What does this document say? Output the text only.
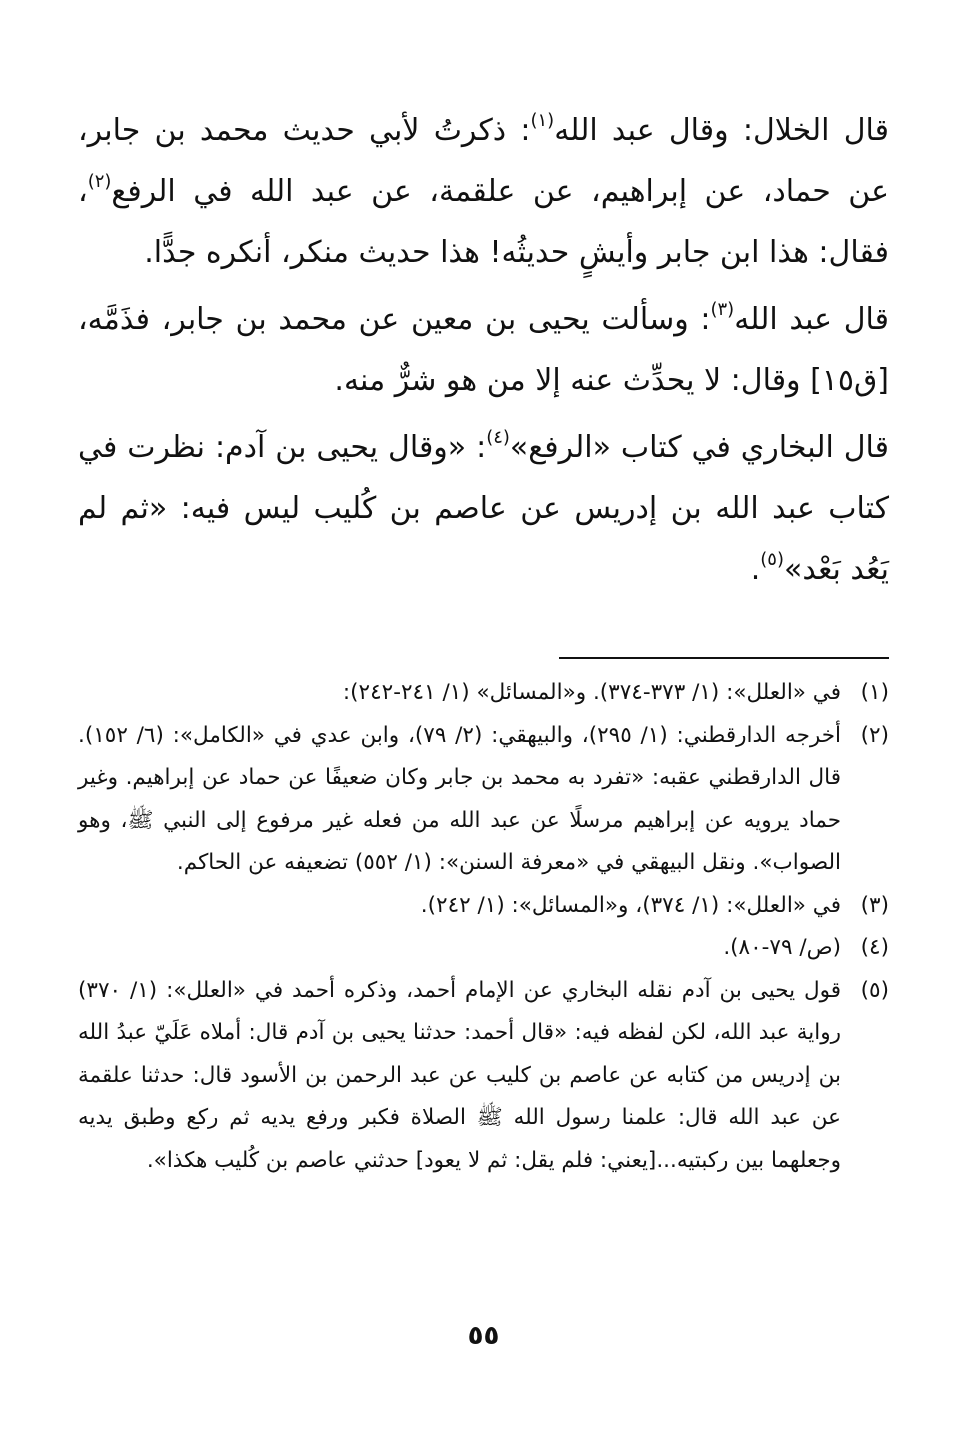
قال الخلال: وقال عبد الله$^{(١)}$: ذكرتُ لأبي حديث محمد بن جابر، عن حماد، عن إبراهيم، عن علقمة، عن عبد الله في الرفع$^{(٢)}$، فقال: هذا ابن جابر وأيشٍ حديثُه! هذا حديث منكر، أنكره جدًّا.

قال عبد الله$^{(٣)}$: وسألت يحيى بن معين عن محمد بن جابر، فذَمَّه، [ق١٥] وقال: لا يحدِّث عنه إلا من هو شرٌّ منه.

قال البخاري في كتاب «الرفع»$^{(٤)}$: «وقال يحيى بن آدم: نظرت في كتاب عبد الله بن إدريس عن عاصم بن كُليب ليس فيه: «ثم لم يَعُد بَعْد»$^{(٥)}$.

(١)
في «العلل»: (١/ ٣٧٣-٣٧٤). و«المسائل» (١/ ٢٤١-٢٤٢):
(٢)
أخرجه الدارقطني: (١/ ٢٩٥)، والبيهقي: (٢/ ٧٩)، وابن عدي في «الكامل»: (٦/ ١٥٢). قال الدارقطني عقبه: «تفرد به محمد بن جابر وكان ضعيفًا عن حماد عن إبراهيم. وغير حماد يرويه عن إبراهيم مرسلًا عن عبد الله من فعله غير مرفوع إلى النبي ﷺ، وهو الصواب». ونقل البيهقي في «معرفة السنن»: (١/ ٥٥٢) تضعيفه عن الحاكم.
(٣)
في «العلل»: (١/ ٣٧٤)، و«المسائل»: (١/ ٢٤٢).
(٤)
(ص/ ٧٩-٨٠).
(٥)
قول يحيى بن آدم نقله البخاري عن الإمام أحمد، وذكره أحمد في «العلل»: (١/ ٣٧٠) رواية عبد الله، لكن لفظه فيه: «قال أحمد: حدثنا يحيى بن آدم قال: أملاه عَلَيّ عبدُ الله بن إدريس من كتابه عن عاصم بن كليب عن عبد الرحمن بن الأسود قال: حدثنا علقمة عن عبد الله قال: علمنا رسول الله ﷺ الصلاة فكبر ورفع يديه ثم ركع وطبق يديه وجعلهما بين ركبتيه...[يعني: فلم يقل: ثم لا يعود] حدثني عاصم بن كُليب هكذا».
٥٥
